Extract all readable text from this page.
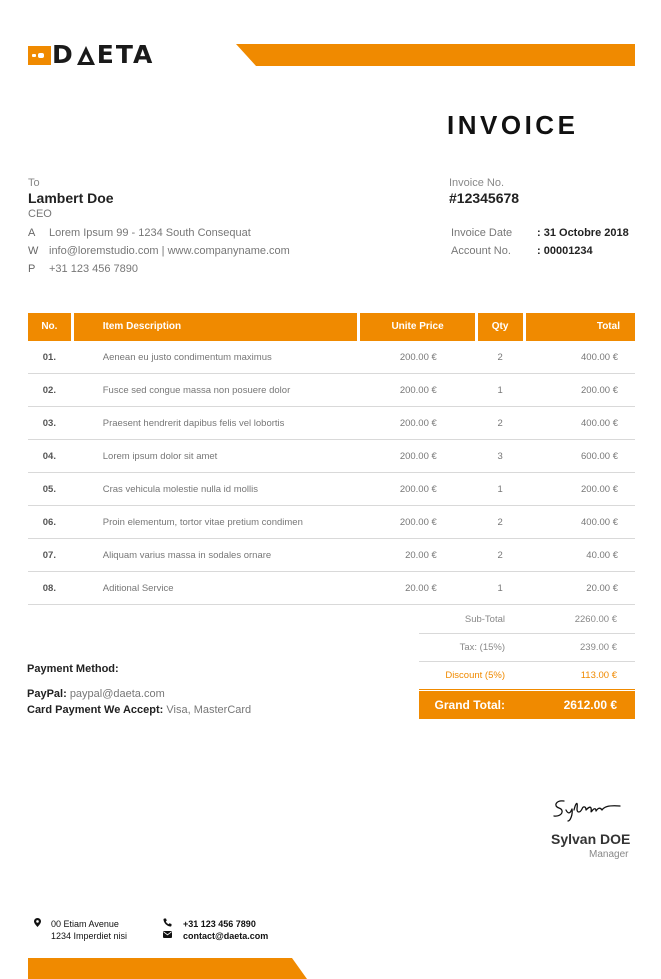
D ETA
INVOICE
To
Lambert Doe
CEO
A	Lorem Ipsum 99 - 1234 South Consequat
W info@loremstudio.com | www.companyname.com
P	+31 123 456 7890
Invoice No.
#12345678
Invoice Date	: 31 Octobre 2018
Account No.	: 00001234
No.	Item Description	Unite Price	Qty	Total
01.	Aenean eu justo condimentum maximus	200.00 €	2	400.00 €
02.	Fusce sed congue massa non posuere dolor	200.00 €	1	200.00 €
03.	Praesent hendrerit dapibus felis vel lobortis	200.00 €	2	400.00 €
04.	Lorem ipsum dolor sit amet	200.00 €	3	600.00 €
05.	Cras vehicula molestie nulla id mollis	200.00 €	1	200.00 €
06.	Proin elementum, tortor vitae pretium condimen	200.00 €	2	400.00 €
07.	Aliquam varius massa in sodales ornare	20.00 €	2	40.00 €
08.	Aditional Service	20.00 €	1	20.00 €
Sub-Total	2260.00 €
Tax: (15%)	239.00 €
Discount (5%)	113.00 €
Grand Total:	2612.00 €
Payment Method:
PayPal: paypal@daeta.com
Card Payment We Accept: Visa, MasterCard
Sylvan DOE
Manager
00 Etiam Avenue
1234 Imperdiet nisi
+31 123 456 7890
contact@daeta.com
